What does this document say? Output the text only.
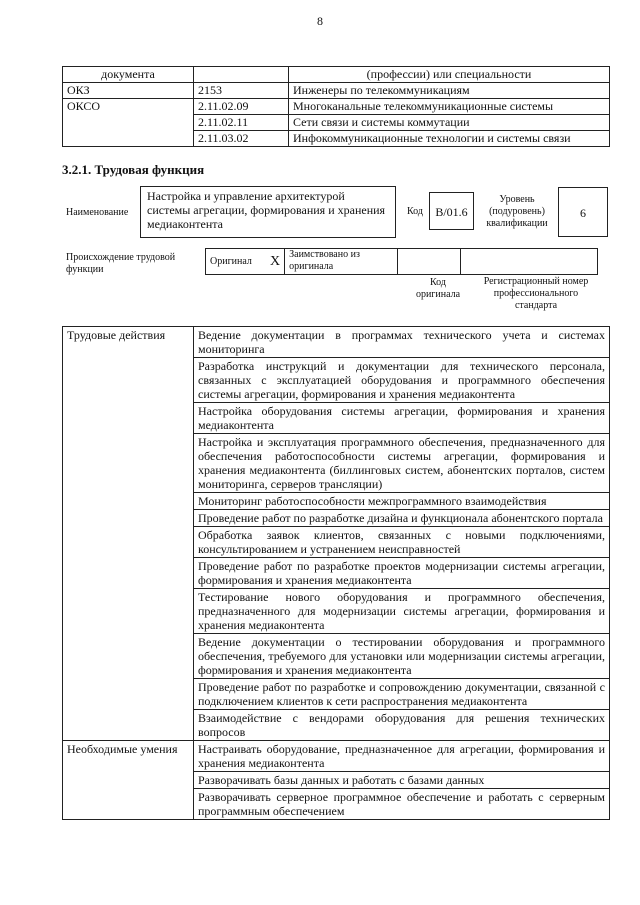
8
документа		(профессии) или специальности
ОКЗ	2153	Инженеры по телекоммуникациям
ОКСО	2.11.02.09	Многоканальные телекоммуникационные системы
	2.11.02.11	Сети связи и системы коммутации
	2.11.03.02	Инфокоммуникационные технологии и системы связи
3.2.1. Трудовая функция
Наименование
Настройка и управление архитектурой системы агрегации, формирования и хранения медиаконтента
Код	B/01.6
Уровень (подуровень) квалификации
6
Происхождение трудовой функции
Оригинал	X	Заимствовано из оригинала		
Код оригинала
Регистрационный номер профессионального стандарта
Трудовые действия	Ведение документации в программах технического учета и системах мониторинга
	Разработка инструкций и документации для технического персонала, связанных с эксплуатацией оборудования и программного обеспечения системы агрегации, формирования и хранения медиаконтента
	Настройка оборудования системы агрегации, формирования и хранения медиаконтента
	Настройка и эксплуатация программного обеспечения, предназначенного для обеспечения работоспособности системы агрегации, формирования и хранения медиаконтента (биллинговых систем, абонентских порталов, систем мониторинга, серверов трансляции)
	Мониторинг работоспособности межпрограммного взаимодействия
	Проведение работ по разработке дизайна и функционала абонентского портала
	Обработка заявок клиентов, связанных с новыми подключениями, консультированием и устранением неисправностей
	Проведение работ по разработке проектов модернизации системы агрегации, формирования и хранения медиаконтента
	Тестирование нового оборудования и программного обеспечения, предназначенного для модернизации системы агрегации, формирования и хранения медиаконтента
	Ведение документации о тестировании оборудования и программного обеспечения, требуемого для установки или модернизации системы агрегации, формирования и хранения медиаконтента
	Проведение работ по разработке и сопровождению документации, связанной с подключением клиентов к сети распространения медиаконтента
	Взаимодействие с вендорами оборудования для решения технических вопросов
Необходимые умения	Настраивать оборудование, предназначенное для агрегации, формирования и хранения медиаконтента
	Разворачивать базы данных и работать с базами данных
	Разворачивать серверное программное обеспечение и работать с серверным программным обеспечением
